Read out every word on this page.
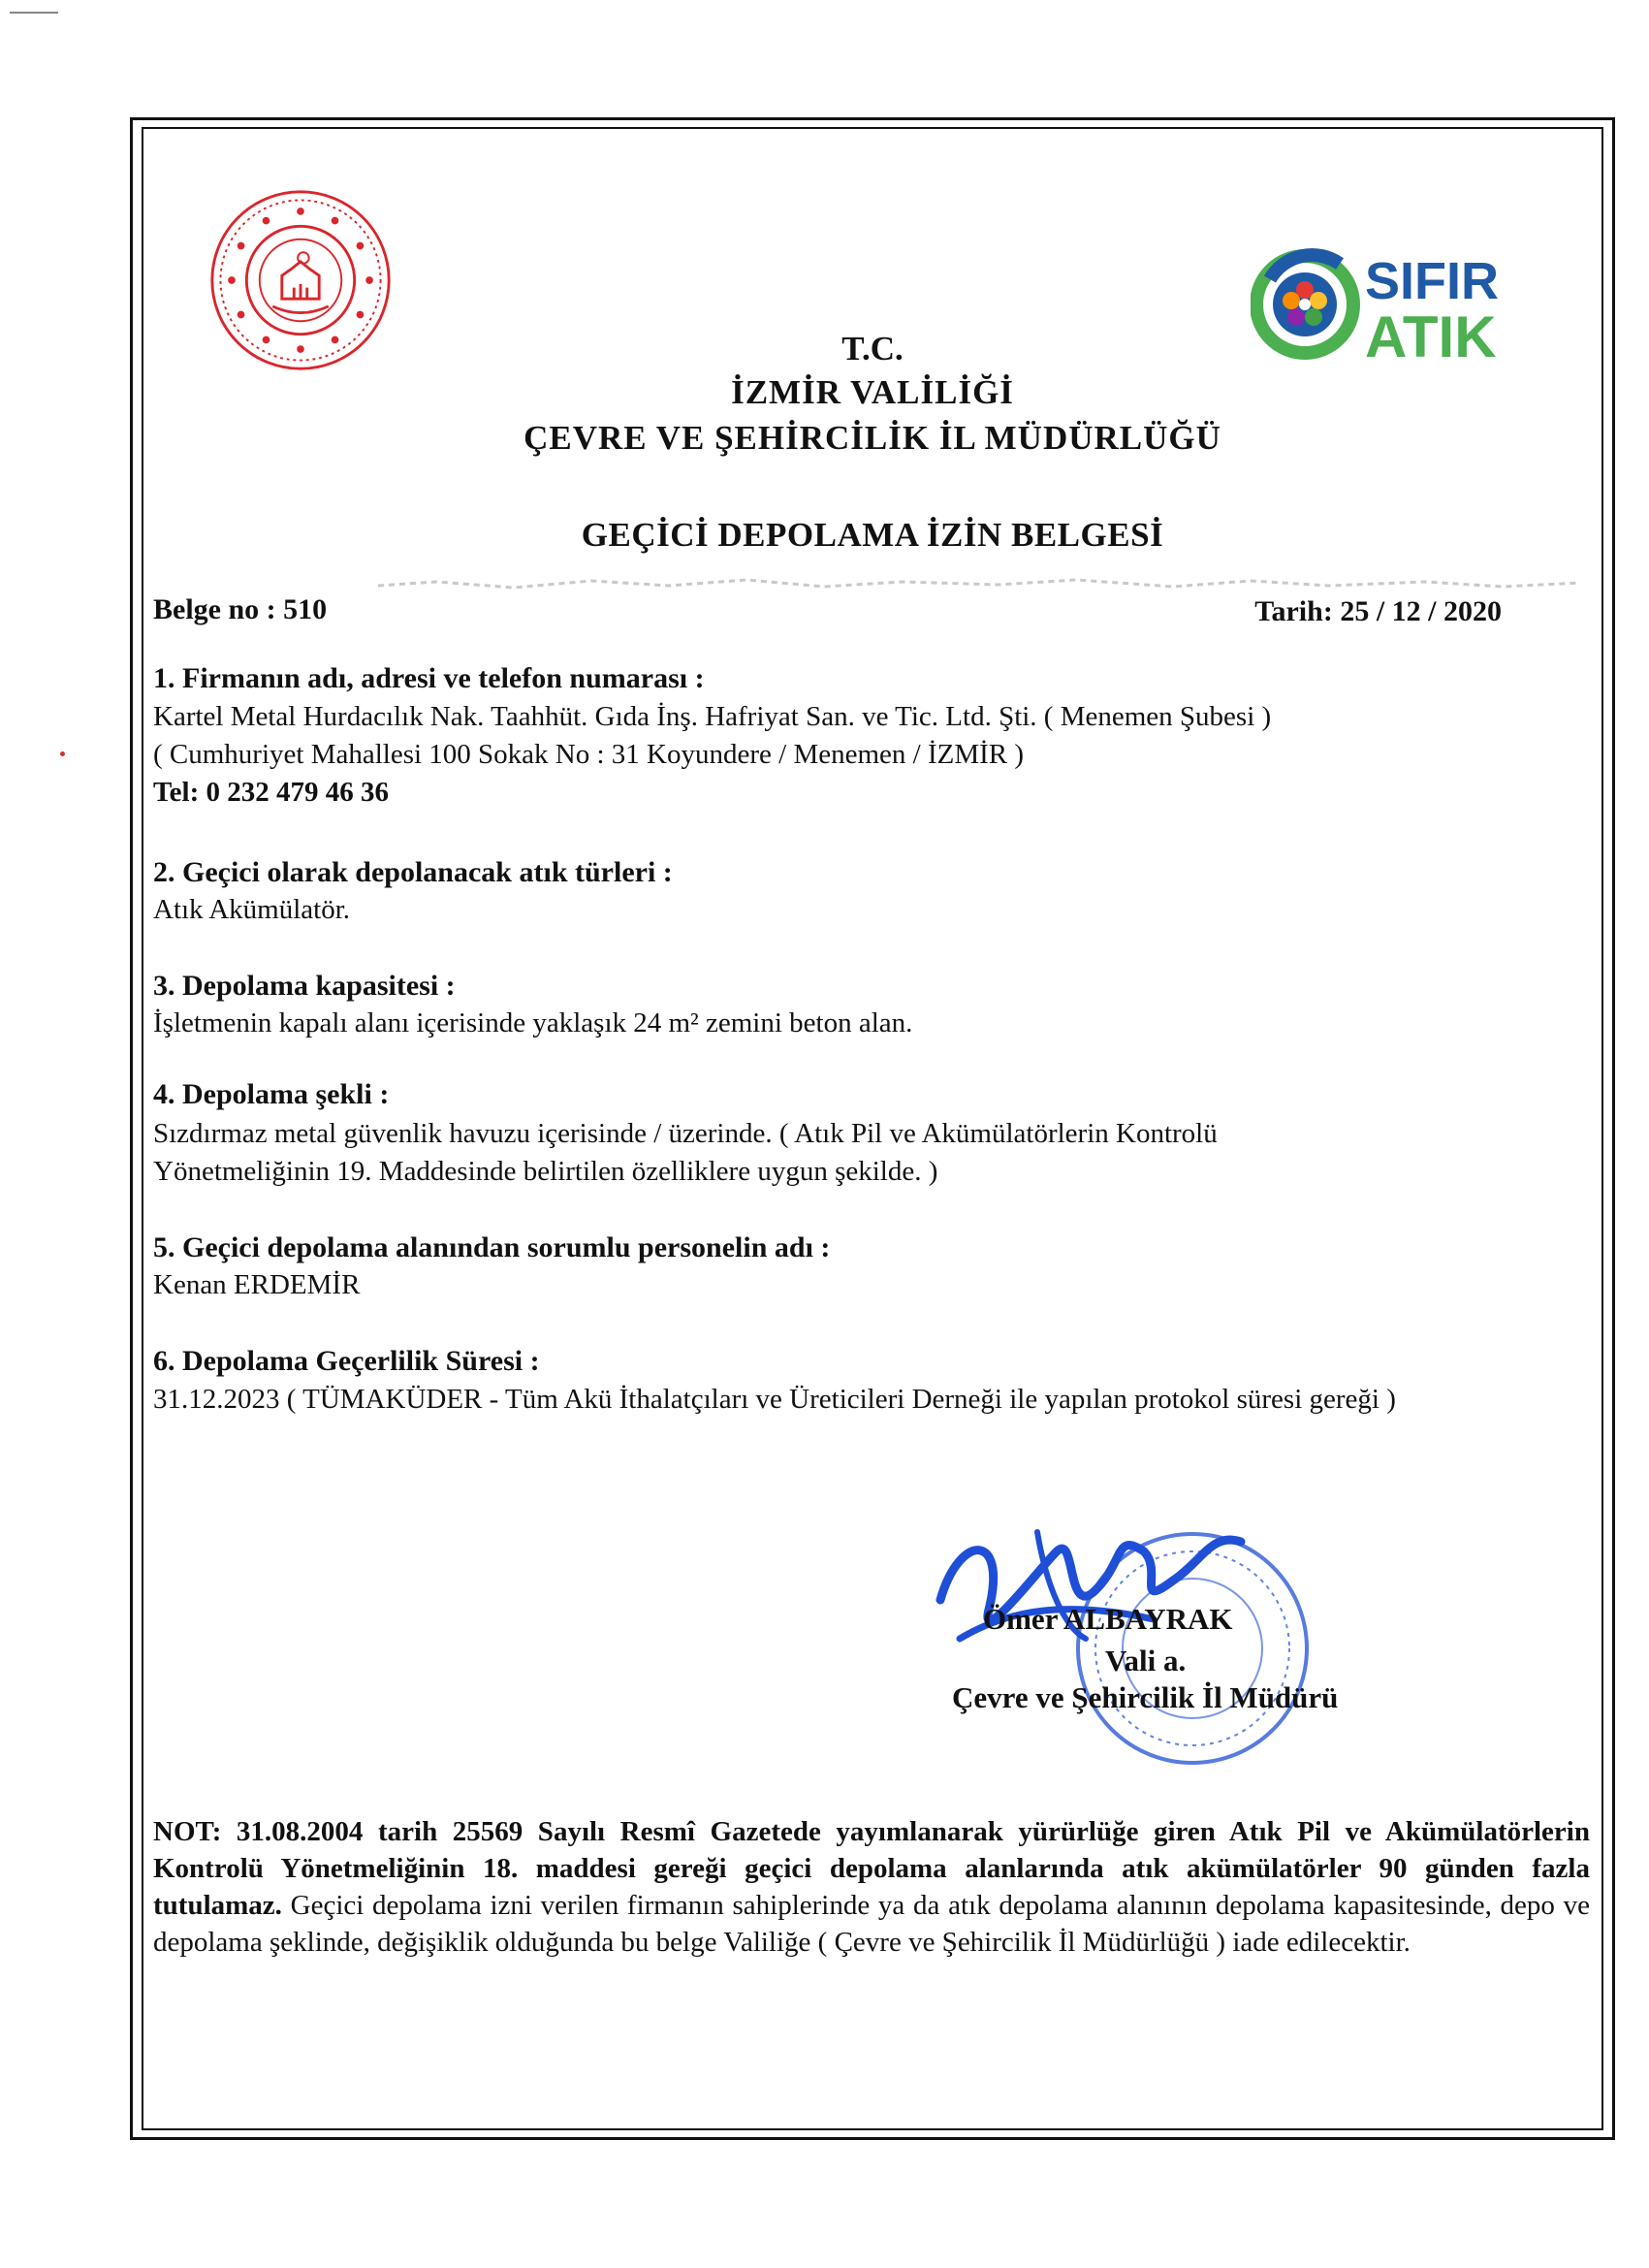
SIFIR
ATIK
T.C.
İZMİR VALİLİĞİ
ÇEVRE VE ŞEHİRCİLİK İL MÜDÜRLÜĞÜ
GEÇİCİ DEPOLAMA İZİN BELGESİ
Belge no : 510	Tarih: 25 / 12 / 2020
1. Firmanın adı, adresi ve telefon numarası :
Kartel Metal Hurdacılık Nak. Taahhüt. Gıda İnş. Hafriyat San. ve Tic. Ltd. Şti. ( Menemen Şubesi )
( Cumhuriyet Mahallesi 100 Sokak No : 31 Koyundere / Menemen / İZMİR )
Tel: 0 232 479 46 36
2. Geçici olarak depolanacak atık türleri :
Atık Akümülatör.
3. Depolama kapasitesi :
İşletmenin kapalı alanı içerisinde yaklaşık 24 m² zemini beton alan.
4. Depolama şekli :
Sızdırmaz metal güvenlik havuzu içerisinde / üzerinde. ( Atık Pil ve Akümülatörlerin Kontrolü
Yönetmeliğinin 19. Maddesinde belirtilen özelliklere uygun şekilde. )
5. Geçici depolama alanından sorumlu personelin adı :
Kenan ERDEMİR
6. Depolama Geçerlilik Süresi :
31.12.2023 ( TÜMAKÜDER - Tüm Akü İthalatçıları ve Üreticileri Derneği ile yapılan protokol süresi gereği )
Ömer ALBAYRAK
Vali a.
Çevre ve Şehircilik İl Müdürü
NOT: 31.08.2004 tarih 25569 Sayılı Resmî Gazetede yayımlanarak yürürlüğe giren Atık Pil ve Akümülatörlerin Kontrolü Yönetmeliğinin 18. maddesi gereği geçici depolama alanlarında atık akümülatörler 90 günden fazla tutulamaz. Geçici depolama izni verilen firmanın sahiplerinde ya da atık depolama alanının depolama kapasitesinde, depo ve depolama şeklinde, değişiklik olduğunda bu belge Valiliğe ( Çevre ve Şehircilik İl Müdürlüğü ) iade edilecektir.
